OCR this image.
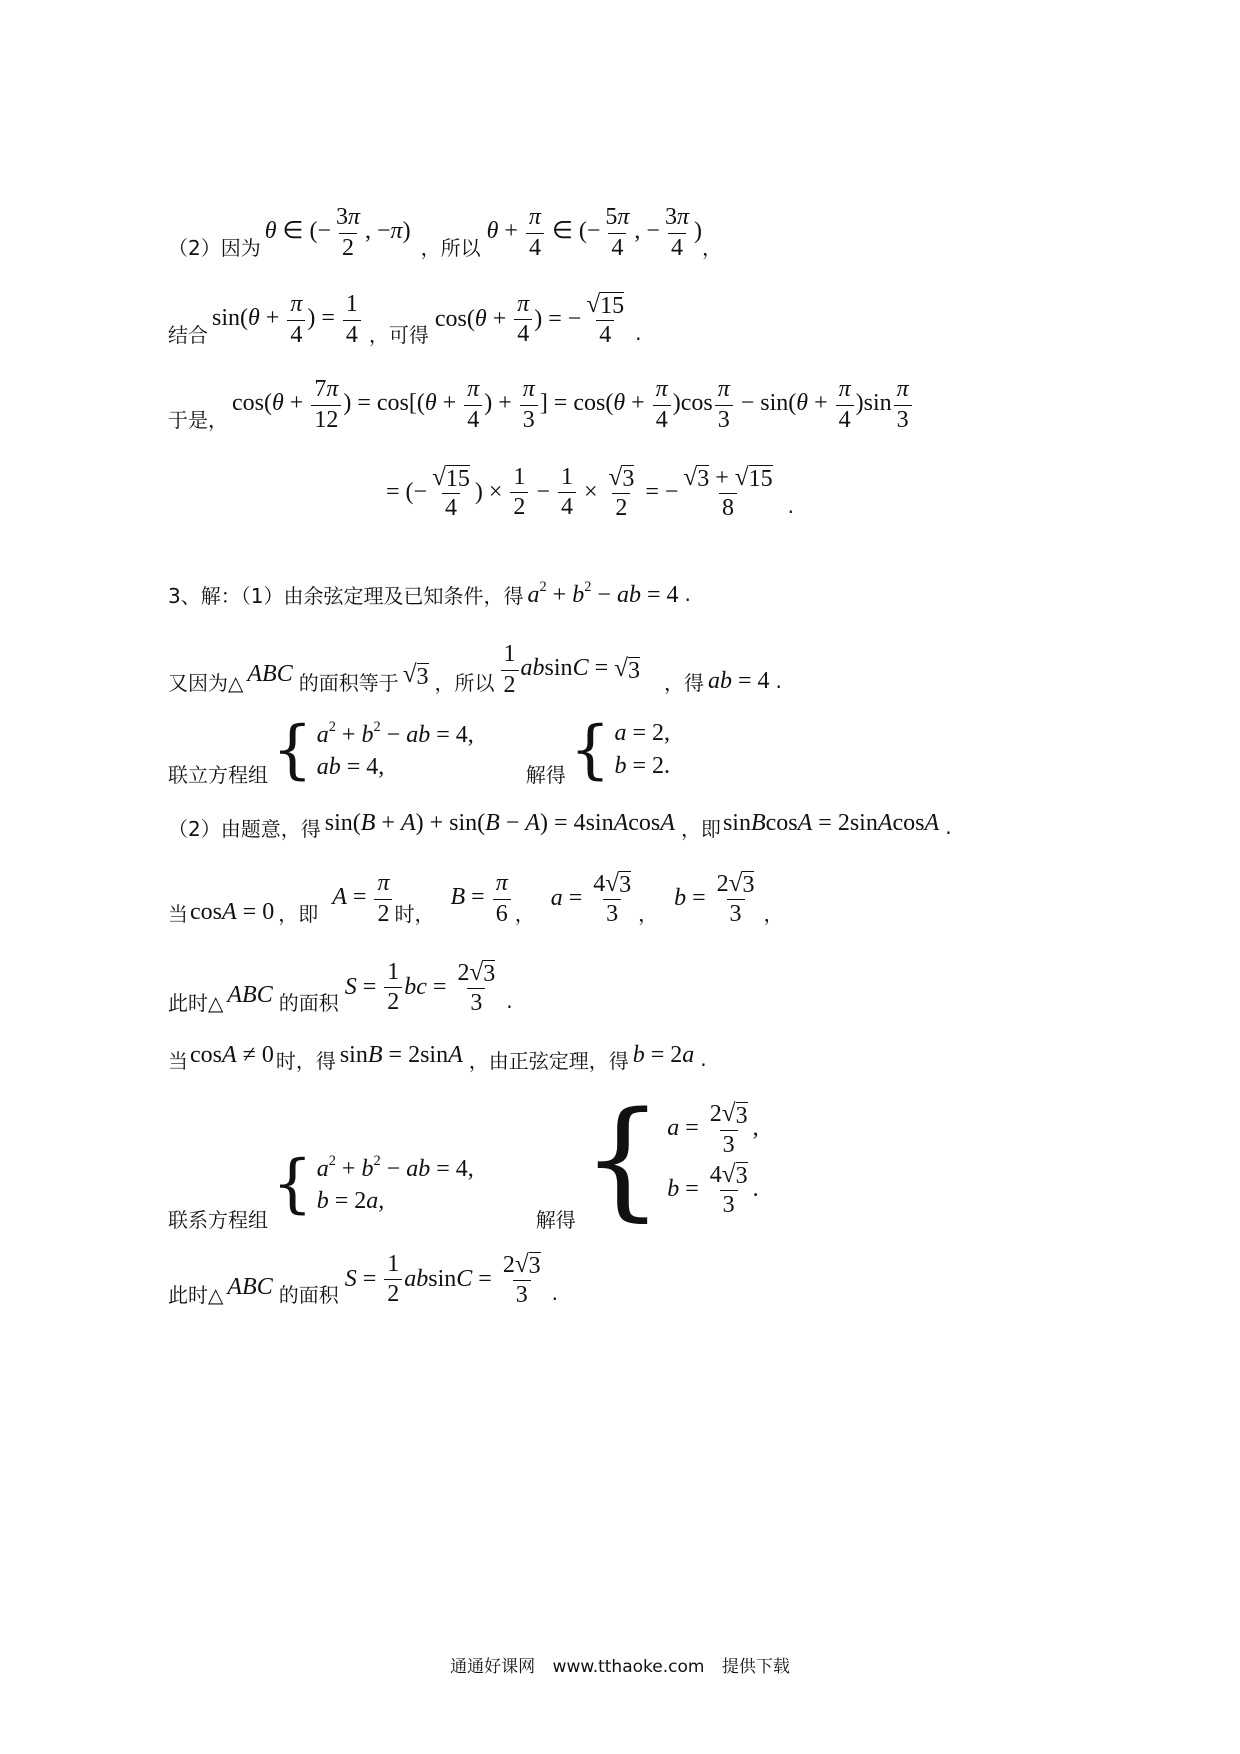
（2）因为
θ ∈ (− $\frac{3\pi}{2}$ , −π)
，所以
$\theta + \frac{\pi}{4}$ ∈ (− $\frac{5\pi}{4}$ , − $\frac{3\pi}{4}$ )
，
结合
$\sin(\theta + \frac{\pi}{4}$ ) = $\frac{1}{4}$ ，可得
$\cos(\theta + \frac{\pi}{4}$ ) = − $\frac{√ 15}{4}$ .
于是，
$\cos(\theta + \frac{7\pi}{12}$ ) = $\cos[(\theta + \frac{\pi}{4}$ ) + $\frac{\pi}{3}$ ] = $\cos(\theta + \frac{\pi}{4} )\cos \frac{\pi}{3} - \sin(\theta + \frac{\pi}{4} )\sin \frac{\pi}{3}$
= (− $\frac{√ 15}{4}$ ) × $\frac{1}{2} - \frac{1}{4} \times \frac{√ 3}{2}$ = − $\frac{√ 3 + √ 15}{8}$ .
3、解：（1）由余弦定理及已知条件，得 $a^2 + b^2$ − ab = 4 .
又因为△ ABC 的面积等于 √ 3 ，所以 $\frac{1}{2}$ absinC = √ 3 ，得 ab = 4 .
联立方程组 { $a^2 + b^2$ − ab = 4,
ab = 4,	解得 { a = 2,
b = 2.
（2）由题意，得 sin(B + A) + sin(B − A) = 4sinAcosA ，即 sinBcosA = 2sinAcosA .
当 cosA = 0 ，即
$A = \frac{\pi}{2}$ 时，
$B = \frac{\pi}{6}$ ，
$a = \frac{4 √ 3}{3}$ ，
$b = \frac{2 √ 3}{3}$ ，
此时△ ABC 的面积
$S = \frac{1}{2}$ bc = $\frac{2 √ 3}{3}$ .
当 cosA ≠ 0 时，得 sinB = 2sinA ，由正弦定理，得 b = 2a .
联系方程组 { $a^2 + b^2$ − ab = 4,
b = 2a,
解得 { $a = \frac{2 √ 3}{3}$ ,
$b = \frac{4 √ 3}{3}$ .
此时△ ABC 的面积
$S = \frac{1}{2}$ $absinC = \frac{2 √ 3}{3}$ .
通通好课网 www.tthaoke.com 提供下载
